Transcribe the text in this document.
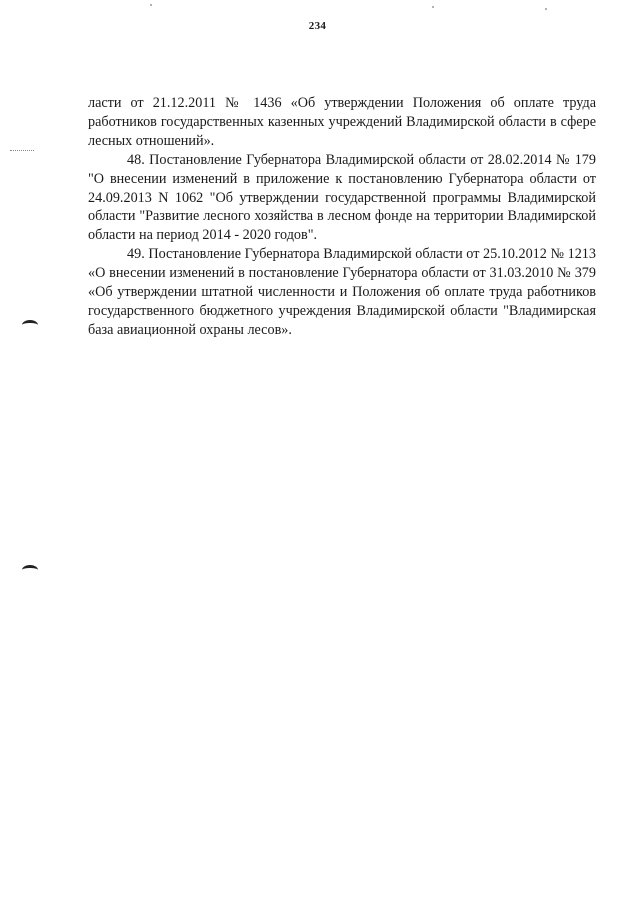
234

ласти от 21.12.2011 № 1436 «Об утверждении Положения об оплате труда работников государственных казенных учреждений Владимирской области в сфере лесных отношений».

48. Постановление Губернатора Владимирской области от 28.02.2014 № 179 "О внесении изменений в приложение к постановлению Губернатора области от 24.09.2013 N 1062 "Об утверждении государственной программы Владимирской области "Развитие лесного хозяйства в лесном фонде на территории Владимирской области на период 2014 - 2020 годов".

49. Постановление Губернатора Владимирской области от 25.10.2012 № 1213 «О внесении изменений в постановление Губернатора области от 31.03.2010 № 379 «Об утверждении штатной численности и Положения об оплате труда работников государственного бюджетного учреждения Владимирской области "Владимирская база авиационной охраны лесов».
